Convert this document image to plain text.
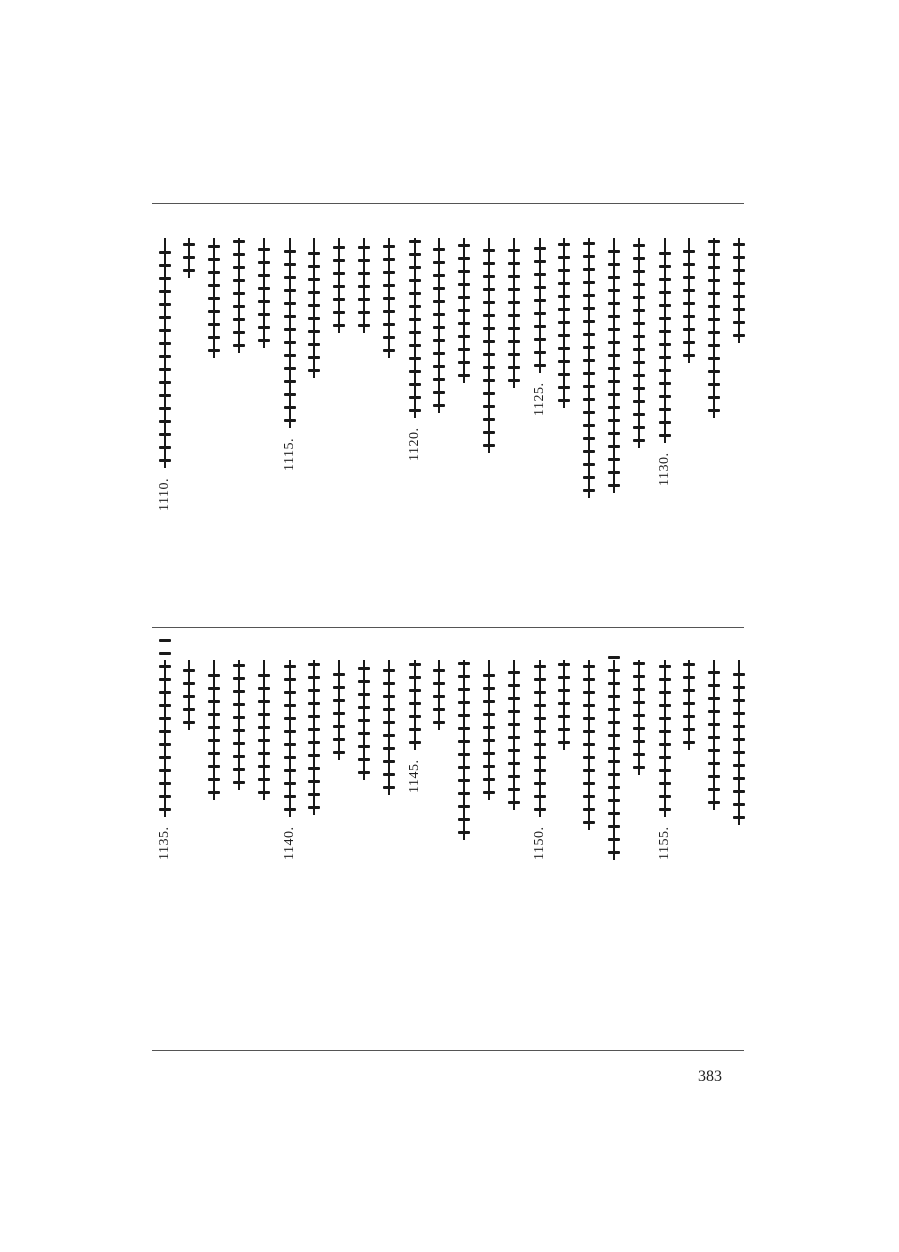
1110.
1115.	1120.
1125.
1130.
1135.	1140.
1145.
1150.	1155.
383
